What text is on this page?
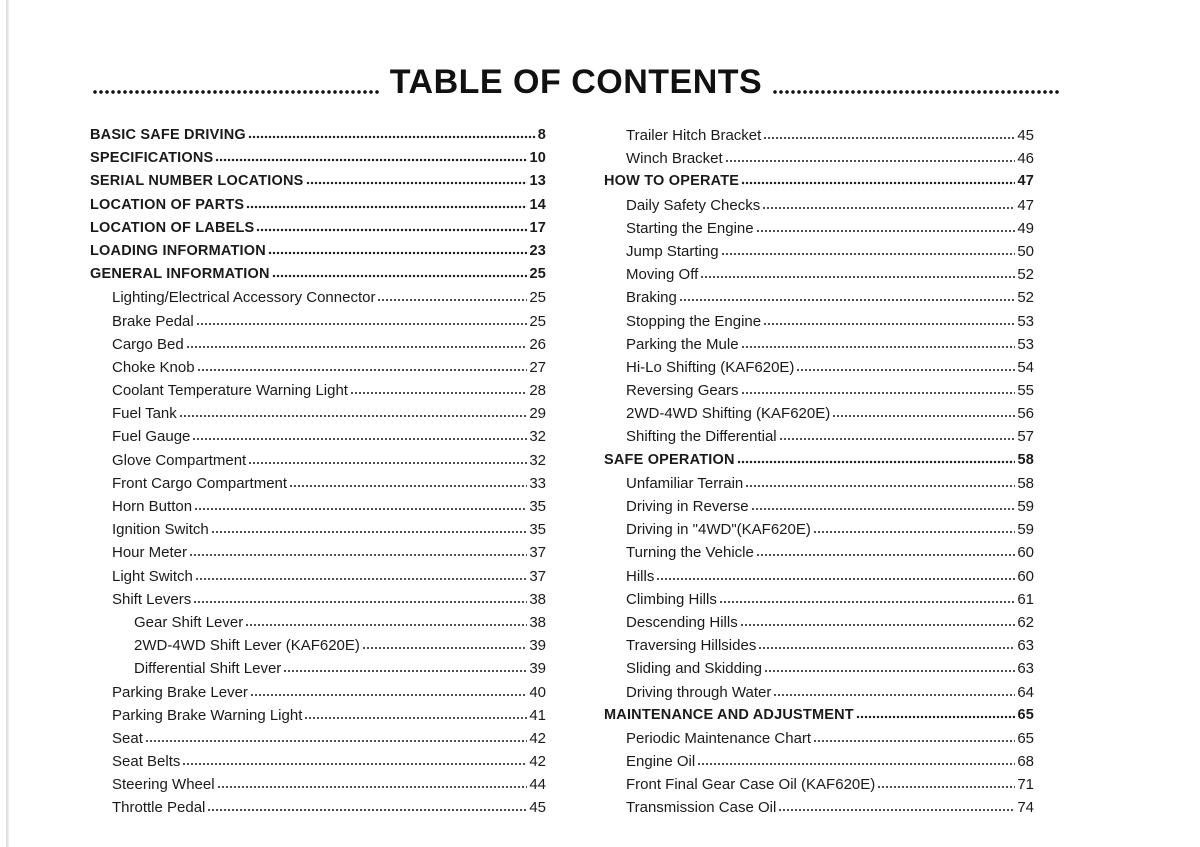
TABLE OF CONTENTS
BASIC SAFE DRIVING	8
SPECIFICATIONS	10
SERIAL NUMBER LOCATIONS	13
LOCATION OF PARTS	14
LOCATION OF LABELS	17
LOADING INFORMATION	23
GENERAL INFORMATION	25
Lighting/Electrical Accessory Connector	25
Brake Pedal	25
Cargo Bed	26
Choke Knob	27
Coolant Temperature Warning Light	28
Fuel Tank	29
Fuel Gauge	32
Glove Compartment	32
Front Cargo Compartment	33
Horn Button	35
Ignition Switch	35
Hour Meter	37
Light Switch	37
Shift Levers	38
Gear Shift Lever	38
2WD-4WD Shift Lever (KAF620E)	39
Differential Shift Lever	39
Parking Brake Lever	40
Parking Brake Warning Light	41
Seat	42
Seat Belts	42
Steering Wheel	44
Throttle Pedal	45
Trailer Hitch Bracket	45
Winch Bracket	46
HOW TO OPERATE	47
Daily Safety Checks	47
Starting the Engine	49
Jump Starting	50
Moving Off	52
Braking	52
Stopping the Engine	53
Parking the Mule	53
Hi-Lo Shifting (KAF620E)	54
Reversing Gears	55
2WD-4WD Shifting (KAF620E)	56
Shifting the Differential	57
SAFE OPERATION	58
Unfamiliar Terrain	58
Driving in Reverse	59
Driving in "4WD"(KAF620E)	59
Turning the Vehicle	60
Hills	60
Climbing Hills	61
Descending Hills	62
Traversing Hillsides	63
Sliding and Skidding	63
Driving through Water	64
MAINTENANCE AND ADJUSTMENT	65
Periodic Maintenance Chart	65
Engine Oil	68
Front Final Gear Case Oil (KAF620E)	71
Transmission Case Oil	74
